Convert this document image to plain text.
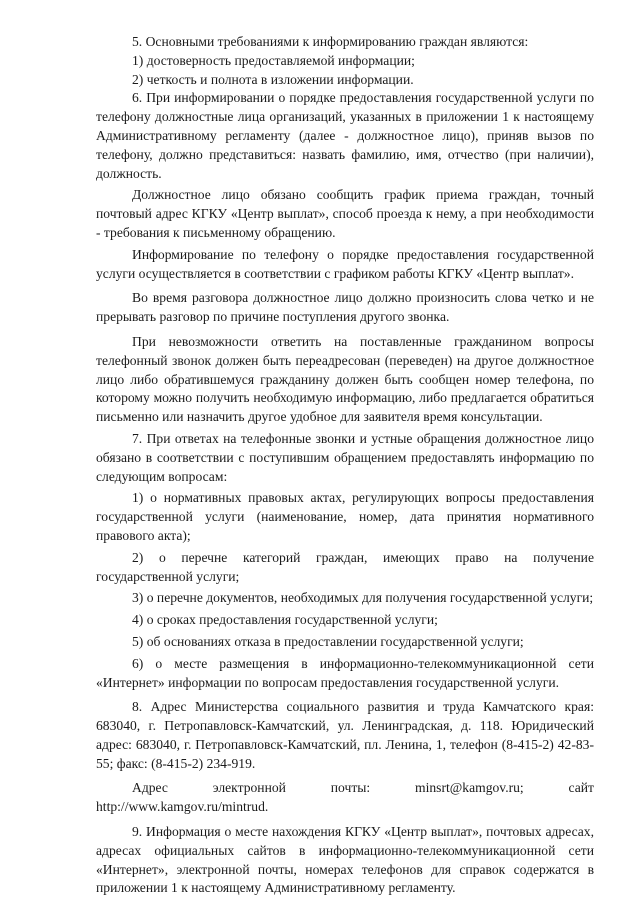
5. Основными требованиями к информированию граждан являются:

1) достоверность предоставляемой информации;

2) четкость и полнота в изложении информации.

6. При информировании о порядке предоставления государственной услуги по телефону должностные лица организаций, указанных в приложении 1 к настоящему Административному регламенту (далее - должностное лицо), приняв вызов по телефону, должно представиться: назвать фамилию, имя, отчество (при наличии), должность.

Должностное лицо обязано сообщить график приема граждан, точный почтовый адрес КГКУ «Центр выплат», способ проезда к нему, а при необходимости - требования к письменному обращению.

Информирование по телефону о порядке предоставления государственной услуги осуществляется в соответствии с графиком работы КГКУ «Центр выплат».

Во время разговора должностное лицо должно произносить слова четко и не прерывать разговор по причине поступления другого звонка.

При невозможности ответить на поставленные гражданином вопросы телефонный звонок должен быть переадресован (переведен) на другое должностное лицо либо обратившемуся гражданину должен быть сообщен номер телефона, по которому можно получить необходимую информацию, либо предлагается обратиться письменно или назначить другое удобное для заявителя время консультации.

7. При ответах на телефонные звонки и устные обращения должностное лицо обязано в соответствии с поступившим обращением предоставлять информацию по следующим вопросам:

1) о нормативных правовых актах, регулирующих вопросы предоставления государственной услуги (наименование, номер, дата принятия нормативного правового акта);

2) о перечне категорий граждан, имеющих право на получение государственной услуги;

3) о перечне документов, необходимых для получения государственной услуги;

4) о сроках предоставления государственной услуги;

5) об основаниях отказа в предоставлении государственной услуги;

6) о месте размещения в информационно-телекоммуникационной сети «Интернет» информации по вопросам предоставления государственной услуги.

8. Адрес Министерства социального развития и труда Камчатского края: 683040, г. Петропавловск-Камчатский, ул. Ленинградская, д. 118. Юридический адрес: 683040, г. Петропавловск-Камчатский, пл. Ленина, 1, телефон (8-415-2) 42-83-55; факс: (8-415-2) 234-919.

Адрес электронной почты: minsrt@kamgov.ru; сайт

http://www.kamgov.ru/mintrud.

9. Информация о месте нахождения КГКУ «Центр выплат», почтовых адресах, адресах официальных сайтов в информационно-телекоммуникационной сети «Интернет», электронной почты, номерах телефонов для справок содержатся в приложении 1 к настоящему Административному регламенту.
